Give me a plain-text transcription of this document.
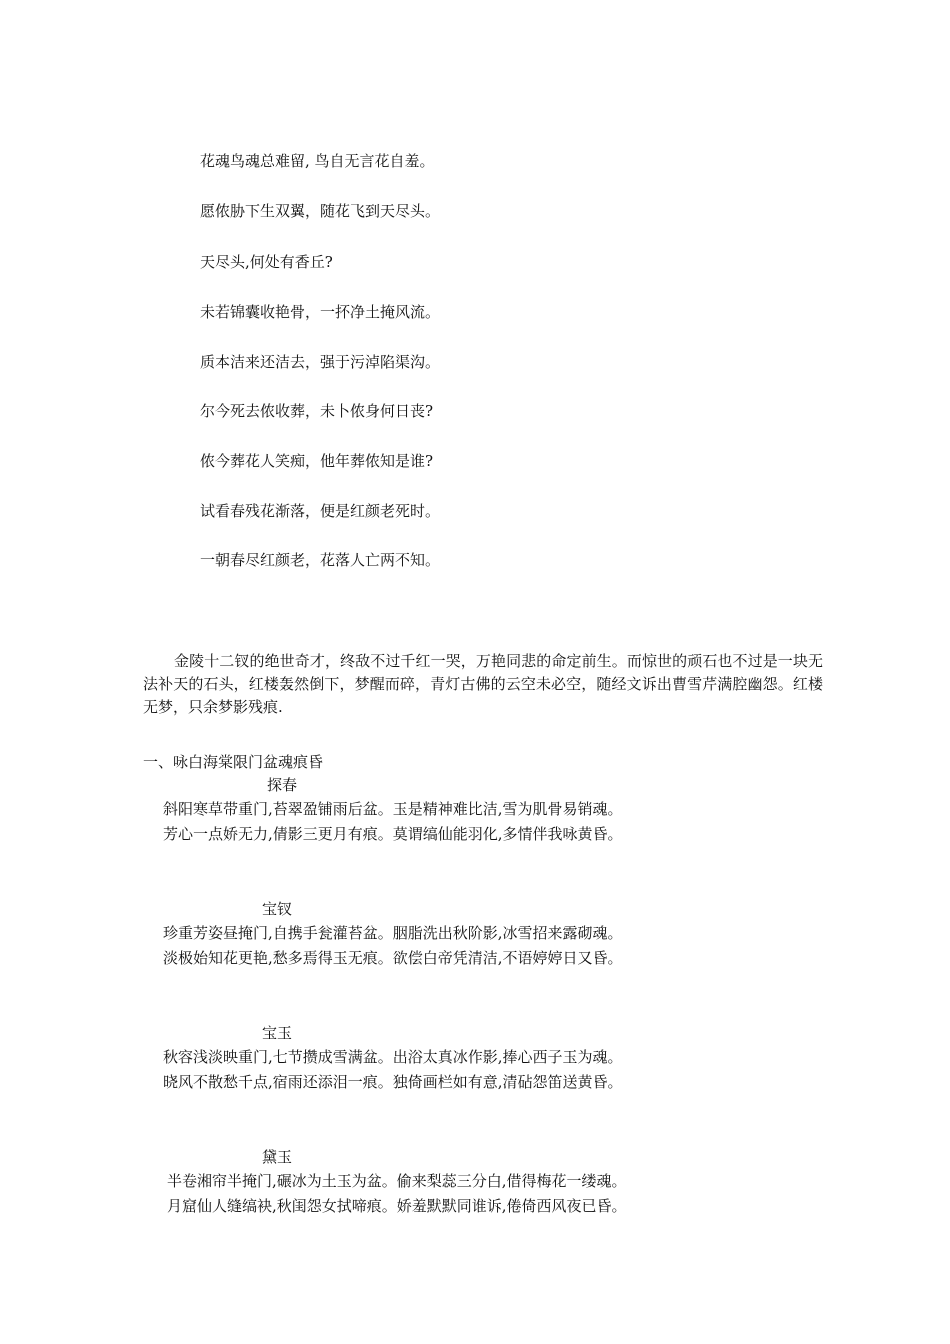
花魂鸟魂总难留, 鸟自无言花自羞。
愿侬胁下生双翼，随花飞到天尽头。
天尽头,何处有香丘?
未若锦囊收艳骨，一抔净土掩风流。
质本洁来还洁去，强于污淖陷渠沟。
尔今死去侬收葬，未卜侬身何日丧?
侬今葬花人笑痴，他年葬侬知是谁?
试看春残花渐落，便是红颜老死时。
一朝春尽红颜老，花落人亡两不知。
金陵十二钗的绝世奇才，终敌不过千红一哭，万艳同悲的命定前生。而惊世的顽石也不过是一块无法补天的石头，红楼轰然倒下，梦醒而碎，青灯古佛的云空未必空，随经文诉出曹雪芹满腔幽怨。红楼无梦，只余梦影残痕.
一、咏白海棠限门盆魂痕昏
探春
斜阳寒草带重门,苔翠盈铺雨后盆。玉是精神难比洁,雪为肌骨易销魂。
芳心一点娇无力,倩影三更月有痕。莫谓缟仙能羽化,多情伴我咏黄昏。
宝钗
珍重芳姿昼掩门,自携手瓮灌苔盆。胭脂洗出秋阶影,冰雪招来露砌魂。
淡极始知花更艳,愁多焉得玉无痕。欲偿白帝凭清洁,不语婷婷日又昏。
宝玉
秋容浅淡映重门,七节攒成雪满盆。出浴太真冰作影,捧心西子玉为魂。
晓风不散愁千点,宿雨还添泪一痕。独倚画栏如有意,清砧怨笛送黄昏。
黛玉
半卷湘帘半掩门,碾冰为土玉为盆。偷来梨蕊三分白,借得梅花一缕魂。
月窟仙人缝缟袂,秋闺怨女拭啼痕。娇羞默默同谁诉,倦倚西风夜已昏。
